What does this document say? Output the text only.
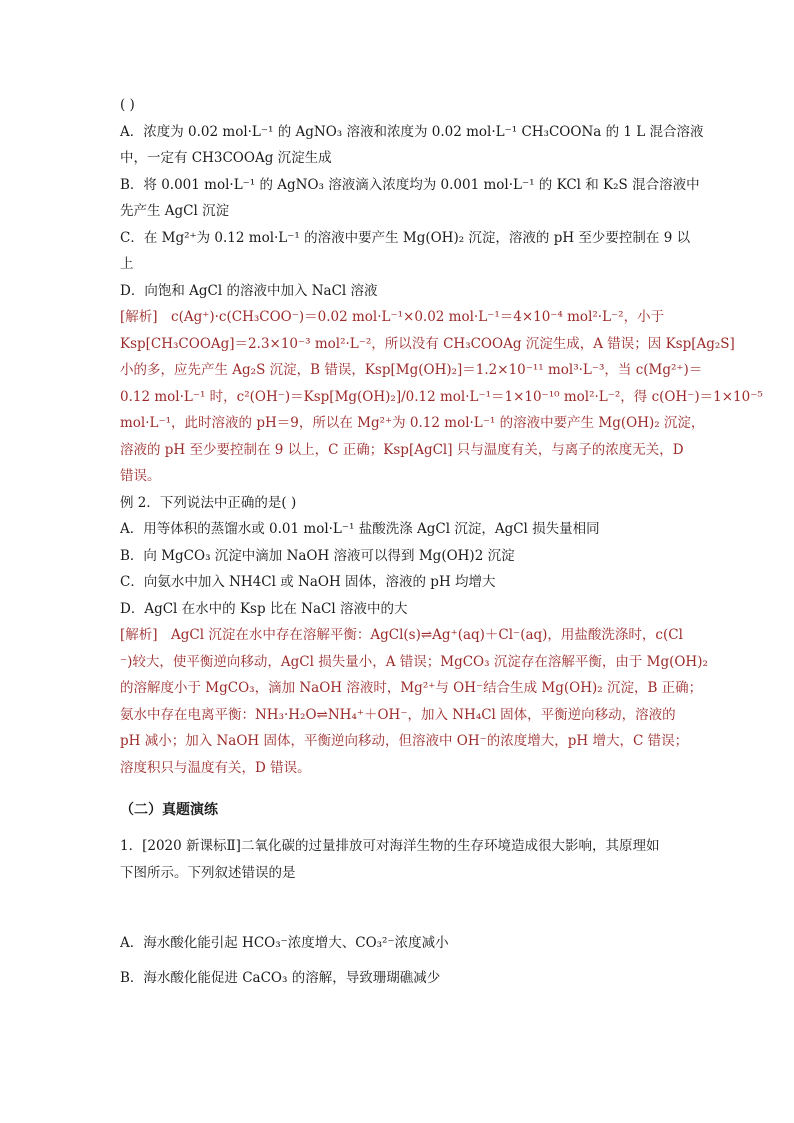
( )
A．浓度为 0.02 mol·L⁻¹ 的 AgNO₃ 溶液和浓度为 0.02 mol·L⁻¹ CH₃COONa 的 1 L 混合溶液
中，一定有 CH3COOAg 沉淀生成
B．将 0.001 mol·L⁻¹ 的 AgNO₃ 溶液滴入浓度均为 0.001 mol·L⁻¹ 的 KCl 和 K₂S 混合溶液中
先产生 AgCl 沉淀
C．在 Mg²⁺为 0.12 mol·L⁻¹ 的溶液中要产生 Mg(OH)₂ 沉淀，溶液的 pH 至少要控制在 9 以
上
D．向饱和 AgCl 的溶液中加入 NaCl 溶液
[解析]　c(Ag⁺)·c(CH₃COO⁻)＝0.02 mol·L⁻¹×0.02 mol·L⁻¹＝4×10⁻⁴ mol²·L⁻²，小于
Ksp[CH₃COOAg]＝2.3×10⁻³ mol²·L⁻²，所以没有 CH₃COOAg 沉淀生成，A 错误；因 Ksp[Ag₂S]
小的多，应先产生 Ag₂S 沉淀，B 错误，Ksp[Mg(OH)₂]＝1.2×10⁻¹¹ mol³·L⁻³，当 c(Mg²⁺)＝
0.12 mol·L⁻¹ 时，c²(OH⁻)＝Ksp[Mg(OH)₂]/0.12 mol·L⁻¹＝1×10⁻¹⁰ mol²·L⁻²，得 c(OH⁻)＝1×10⁻⁵
mol·L⁻¹，此时溶液的 pH＝9，所以在 Mg²⁺为 0.12 mol·L⁻¹ 的溶液中要产生 Mg(OH)₂ 沉淀，
溶液的 pH 至少要控制在 9 以上，C 正确；Ksp[AgCl] 只与温度有关，与离子的浓度无关，D
错误。
例 2．下列说法中正确的是( )
A．用等体积的蒸馏水或 0.01 mol·L⁻¹ 盐酸洗涤 AgCl 沉淀，AgCl 损失量相同
B．向 MgCO₃ 沉淀中滴加 NaOH 溶液可以得到 Mg(OH)2 沉淀
C．向氨水中加入 NH4Cl 或 NaOH 固体，溶液的 pH 均增大
D．AgCl 在水中的 Ksp 比在 NaCl 溶液中的大
[解析]　AgCl 沉淀在水中存在溶解平衡：AgCl(s)⇌Ag⁺(aq)＋Cl⁻(aq)，用盐酸洗涤时，c(Cl
⁻)较大，使平衡逆向移动，AgCl 损失量小，A 错误；MgCO₃ 沉淀存在溶解平衡，由于 Mg(OH)₂
的溶解度小于 MgCO₃，滴加 NaOH 溶液时，Mg²⁺与 OH⁻结合生成 Mg(OH)₂ 沉淀，B 正确；
氨水中存在电离平衡：NH₃·H₂O⇌NH₄⁺＋OH⁻，加入 NH₄Cl 固体，平衡逆向移动，溶液的
pH 减小；加入 NaOH 固体，平衡逆向移动，但溶液中 OH⁻的浓度增大，pH 增大，C 错误；
溶度积只与温度有关，D 错误。
（二）真题演练
1．[2020 新课标Ⅱ]二氧化碳的过量排放可对海洋生物的生存环境造成很大影响，其原理如
下图所示。下列叙述错误的是
A．海水酸化能引起 HCO₃⁻浓度增大、CO₃²⁻浓度减小
B．海水酸化能促进 CaCO₃ 的溶解，导致珊瑚礁减少
